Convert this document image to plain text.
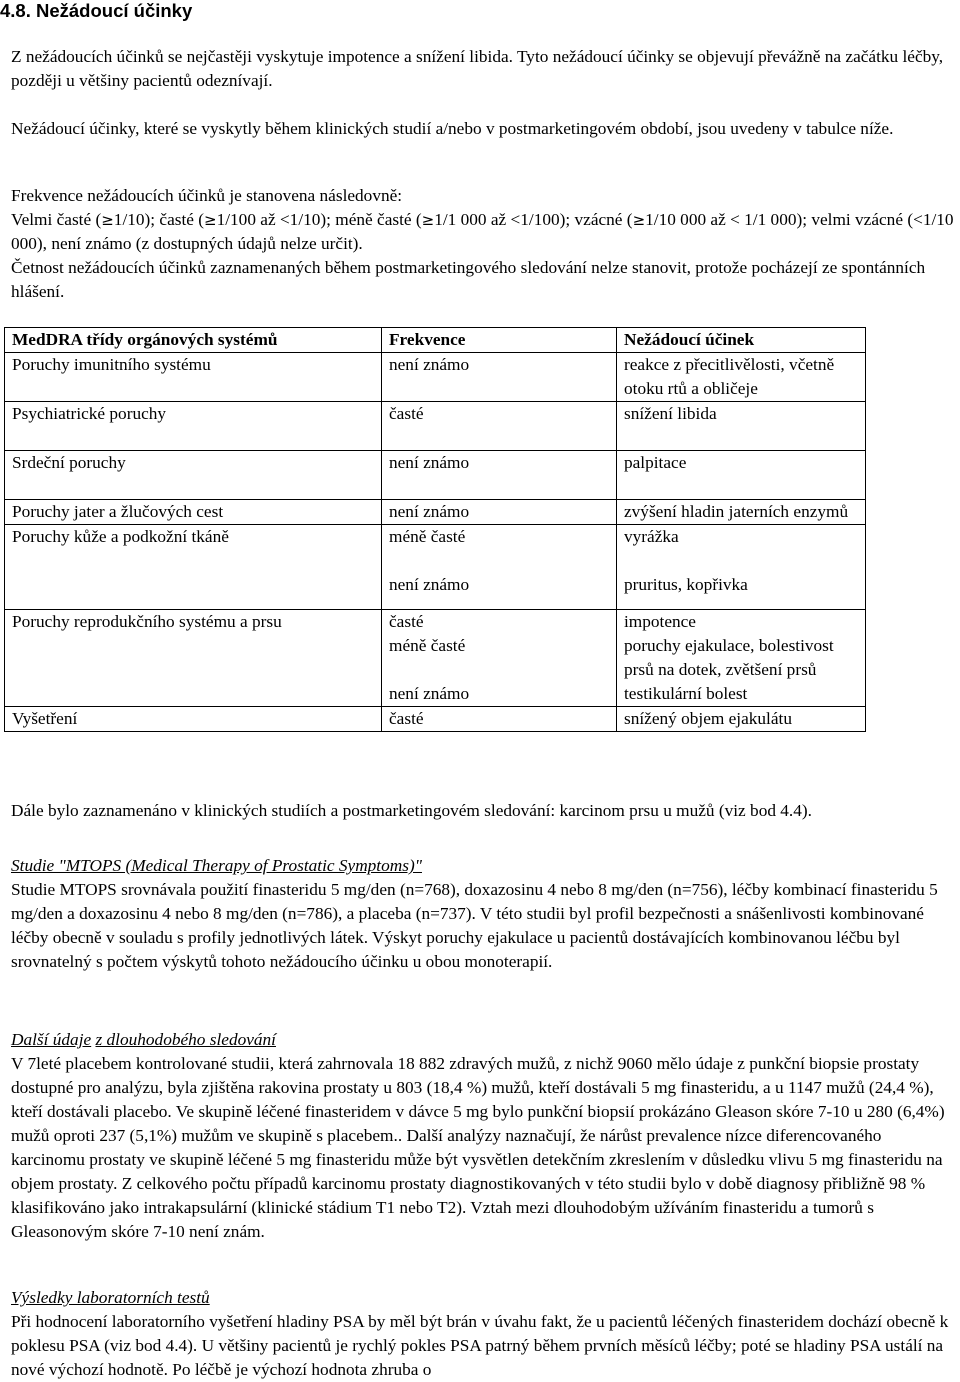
4.8. Nežádoucí účinky

Z nežádoucích účinků se nejčastěji vyskytuje impotence a snížení libida. Tyto nežádoucí účinky se objevují převážně na začátku léčby, později u většiny pacientů odeznívají.

Nežádoucí účinky, které se vyskytly během klinických studií a/nebo v postmarketingovém období, jsou uvedeny v tabulce níže.

Frekvence nežádoucích účinků je stanovena následovně:
Velmi časté (≥1/10); časté (≥1/100 až <1/10); méně časté (≥1/1 000 až <1/100); vzácné (≥1/10 000 až < 1/1 000); velmi vzácné (<1/10 000), není známo (z dostupných údajů nelze určit).
Četnost nežádoucích účinků zaznamenaných během postmarketingového sledování nelze stanovit, protože pocházejí ze spontánních hlášení.
MedDRA třídy orgánových systémů	Frekvence	Nežádoucí účinek
Poruchy imunitního systému	není známo	reakce z přecitlivělosti, včetně otoku rtů a obličeje
Psychiatrické poruchy	časté	snížení libida
Srdeční poruchy	není známo	palpitace
Poruchy jater a žlučových cest	není známo	zvýšení hladin jaterních enzymů
Poruchy kůže a podkožní tkáně	méně časté	vyrážka
	není známo	pruritus, kopřivka
Poruchy reprodukčního systému a prsu	časté	impotence
	méně časté	poruchy ejakulace, bolestivost prsů na dotek, zvětšení prsů
	není známo	testikulární bolest
Vyšetření	časté	snížený objem ejakulátu

Dále bylo zaznamenáno v klinických studiích a postmarketingovém sledování: karcinom prsu u mužů (viz bod 4.4).

Studie "MTOPS (Medical Therapy of Prostatic Symptoms)"
Studie MTOPS srovnávala použití finasteridu 5 mg/den (n=768), doxazosinu 4 nebo 8 mg/den (n=756), léčby kombinací finasteridu 5 mg/den a doxazosinu 4 nebo 8 mg/den (n=786), a placeba (n=737). V této studii byl profil bezpečnosti a snášenlivosti kombinované léčby obecně v souladu s profily jednotlivých látek. Výskyt poruchy ejakulace u pacientů dostávajících kombinovanou léčbu byl srovnatelný s počtem výskytů tohoto nežádoucího účinku u obou monoterapií.
Další údaje z dlouhodobého sledování
V 7leté placebem kontrolované studii, která zahrnovala 18 882 zdravých mužů, z nichž 9060 mělo údaje z punkční biopsie prostaty dostupné pro analýzu, byla zjištěna rakovina prostaty u 803 (18,4 %) mužů, kteří dostávali 5 mg finasteridu, a u 1147 mužů (24,4 %), kteří dostávali placebo. Ve skupině léčené finasteridem v dávce 5 mg bylo punkční biopsií prokázáno Gleason skóre 7-10 u 280 (6,4%) mužů oproti 237 (5,1%) mužům ve skupině s placebem.. Další analýzy naznačují, že nárůst prevalence nízce diferencovaného karcinomu prostaty ve skupině léčené 5 mg finasteridu může být vysvětlen detekčním zkreslením v důsledku vlivu 5 mg finasteridu na objem prostaty. Z celkového počtu případů karcinomu prostaty diagnostikovaných v této studii bylo v době diagnosy přibližně 98 % klasifikováno jako intrakapsulární (klinické stádium T1 nebo T2). Vztah mezi dlouhodobým užíváním finasteridu a tumorů s Gleasonovým skóre 7-10 není znám.
Výsledky laboratorních testů
Při hodnocení laboratorního vyšetření hladiny PSA by měl být brán v úvahu fakt, že u pacientů léčených finasteridem dochází obecně k poklesu PSA (viz bod 4.4). U většiny pacientů je rychlý pokles PSA patrný během prvních měsíců léčby; poté se hladiny PSA ustálí na nové výchozí hodnotě. Po léčbě je výchozí hodnota zhruba o
